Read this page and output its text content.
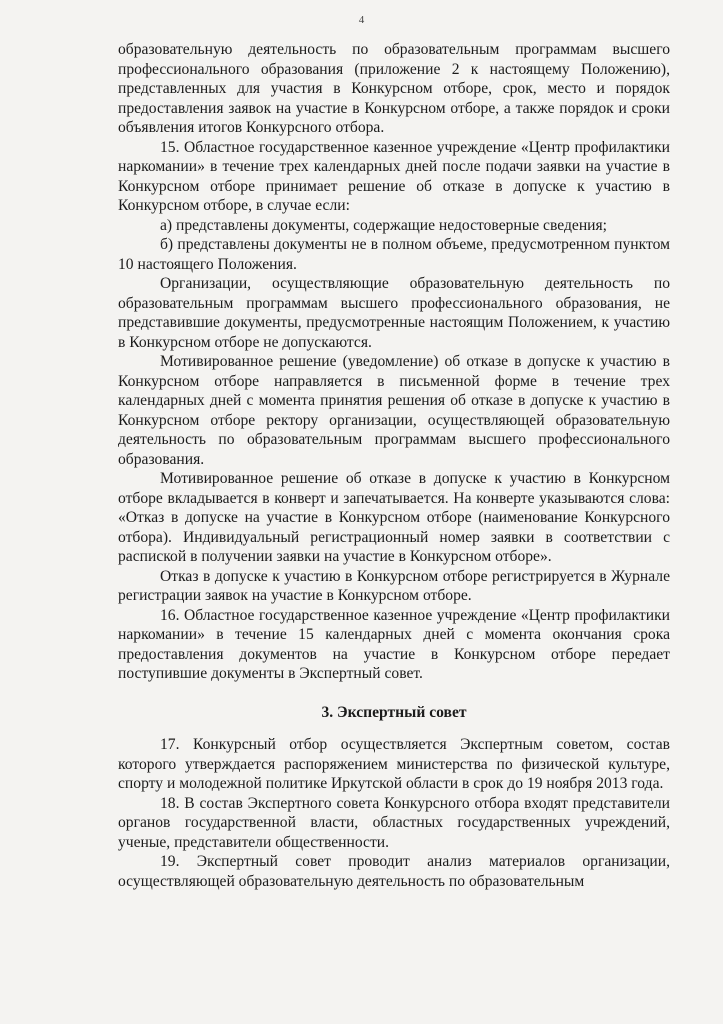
4

образовательную деятельность по образовательным программам высшего профессионального образования (приложение 2 к настоящему Положению), представленных для участия в Конкурсном отборе, срок, место и порядок предоставления заявок на участие в Конкурсном отборе, а также порядок и сроки объявления итогов Конкурсного отбора.

15. Областное государственное казенное учреждение «Центр профилактики наркомании» в течение трех календарных дней после подачи заявки на участие в Конкурсном отборе принимает решение об отказе в допуске к участию в Конкурсном отборе, в случае если:

а) представлены документы, содержащие недостоверные сведения;

б) представлены документы не в полном объеме, предусмотренном пунктом 10 настоящего Положения.

Организации, осуществляющие образовательную деятельность по образовательным программам высшего профессионального образования, не представившие документы, предусмотренные настоящим Положением, к участию в Конкурсном отборе не допускаются.

Мотивированное решение (уведомление) об отказе в допуске к участию в Конкурсном отборе направляется в письменной форме в течение трех календарных дней с момента принятия решения об отказе в допуске к участию в Конкурсном отборе ректору организации, осуществляющей образовательную деятельность по образовательным программам высшего профессионального образования.

Мотивированное решение об отказе в допуске к участию в Конкурсном отборе вкладывается в конверт и запечатывается. На конверте указываются слова: «Отказ в допуске на участие в Конкурсном отборе (наименование Конкурсного отбора). Индивидуальный регистрационный номер заявки в соответствии с распиской в получении заявки на участие в Конкурсном отборе».

Отказ в допуске к участию в Конкурсном отборе регистрируется в Журнале регистрации заявок на участие в Конкурсном отборе.

16. Областное государственное казенное учреждение «Центр профилактики наркомании» в течение 15 календарных дней с момента окончания срока предоставления документов на участие в Конкурсном отборе передает поступившие документы в Экспертный совет.

3. Экспертный совет

17. Конкурсный отбор осуществляется Экспертным советом, состав которого утверждается распоряжением министерства по физической культуре, спорту и молодежной политике Иркутской области в срок до 19 ноября 2013 года.

18. В состав Экспертного совета Конкурсного отбора входят представители органов государственной власти, областных государственных учреждений, ученые, представители общественности.

19. Экспертный совет проводит анализ материалов организации, осуществляющей образовательную деятельность по образовательным
